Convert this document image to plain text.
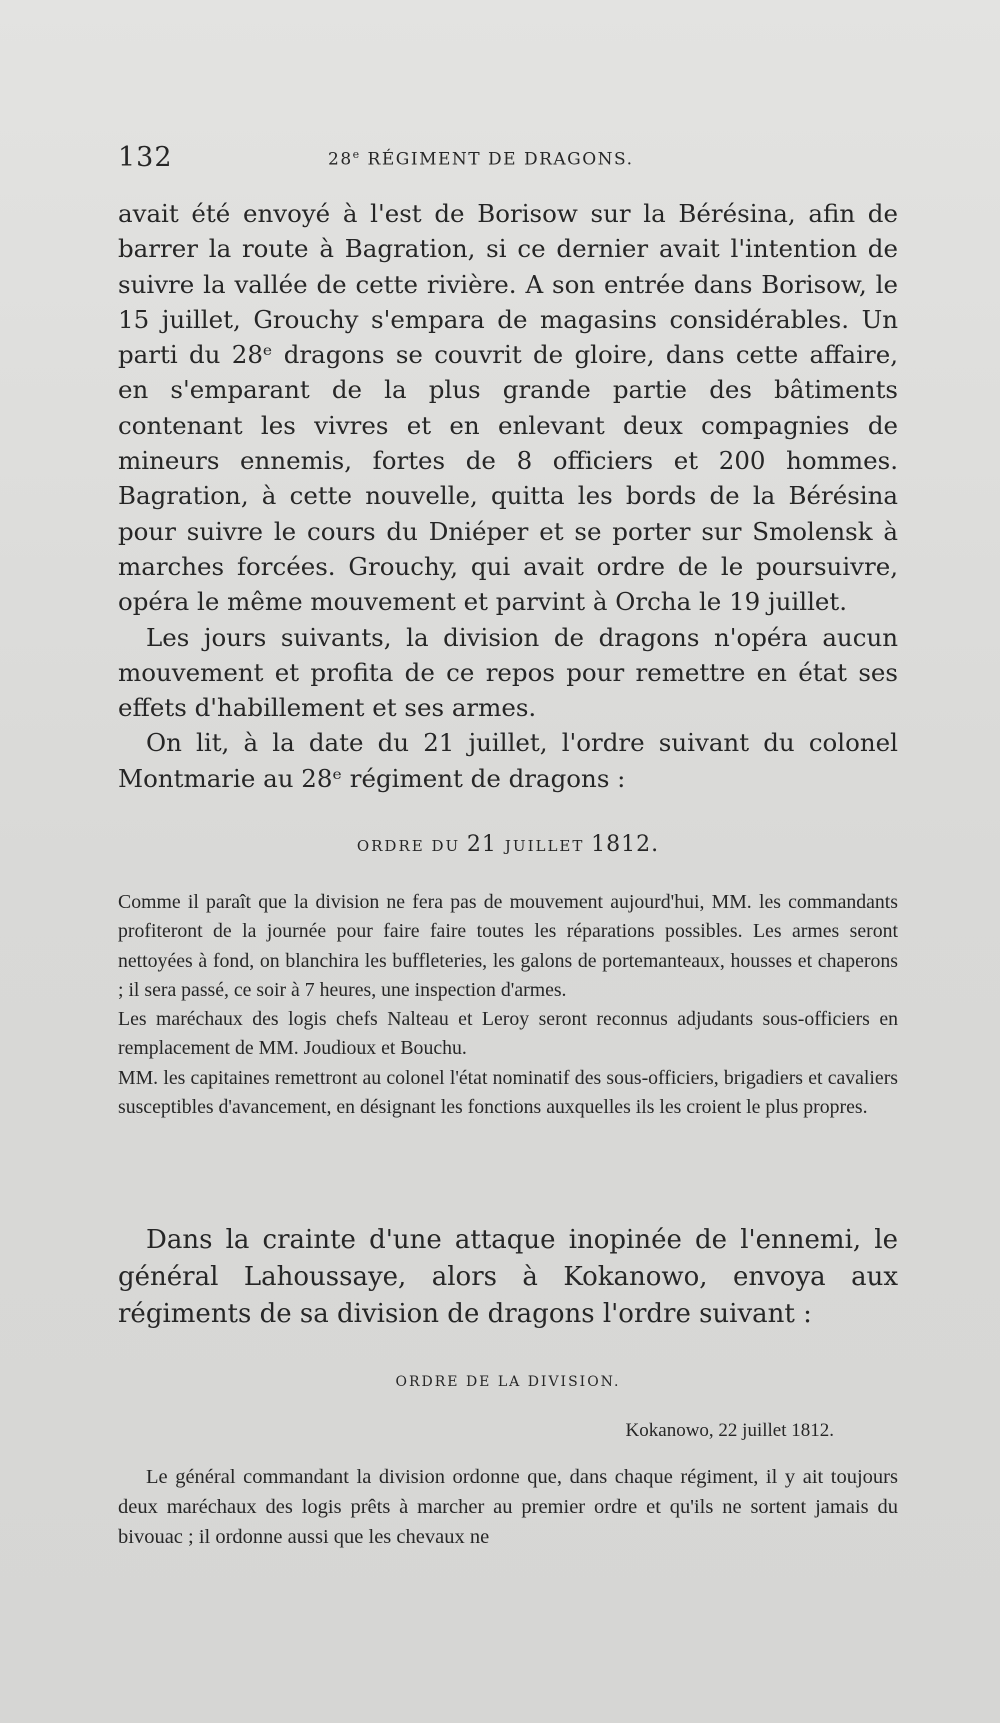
132	28e RÉGIMENT DE DRAGONS.

avait été envoyé à l'est de Borisow sur la Bérésina, afin de barrer la route à Bagration, si ce dernier avait l'intention de suivre la vallée de cette rivière. A son entrée dans Borisow, le 15 juillet, Grouchy s'empara de magasins considérables. Un parti du 28ᵉ dragons se couvrit de gloire, dans cette affaire, en s'emparant de la plus grande partie des bâtiments contenant les vivres et en enlevant deux compagnies de mineurs ennemis, fortes de 8 officiers et 200 hommes. Bagration, à cette nouvelle, quitta les bords de la Bérésina pour suivre le cours du Dniéper et se porter sur Smolensk à marches forcées. Grouchy, qui avait ordre de le poursuivre, opéra le même mouvement et parvint à Orcha le 19 juillet.

Les jours suivants, la division de dragons n'opéra aucun mouvement et profita de ce repos pour remettre en état ses effets d'habillement et ses armes.

On lit, à la date du 21 juillet, l'ordre suivant du colonel Montmarie au 28ᵉ régiment de dragons :

ORDRE DU 21 JUILLET 1812.

Comme il paraît que la division ne fera pas de mouvement aujourd'hui, MM. les commandants profiteront de la journée pour faire faire toutes les réparations possibles. Les armes seront nettoyées à fond, on blanchira les buffleteries, les galons de portemanteaux, housses et chaperons ; il sera passé, ce soir à 7 heures, une inspection d'armes.

Les maréchaux des logis chefs Nalteau et Leroy seront reconnus adjudants sous-officiers en remplacement de MM. Joudioux et Bouchu.

MM. les capitaines remettront au colonel l'état nominatif des sous-officiers, brigadiers et cavaliers susceptibles d'avancement, en désignant les fonctions auxquelles ils les croient le plus propres.

Dans la crainte d'une attaque inopinée de l'ennemi, le général Lahoussaye, alors à Kokanowo, envoya aux régiments de sa division de dragons l'ordre suivant :

ORDRE DE LA DIVISION.
Kokanowo, 22 juillet 1812.

Le général commandant la division ordonne que, dans chaque régiment, il y ait toujours deux maréchaux des logis prêts à marcher au premier ordre et qu'ils ne sortent jamais du bivouac ; il ordonne aussi que les chevaux ne
